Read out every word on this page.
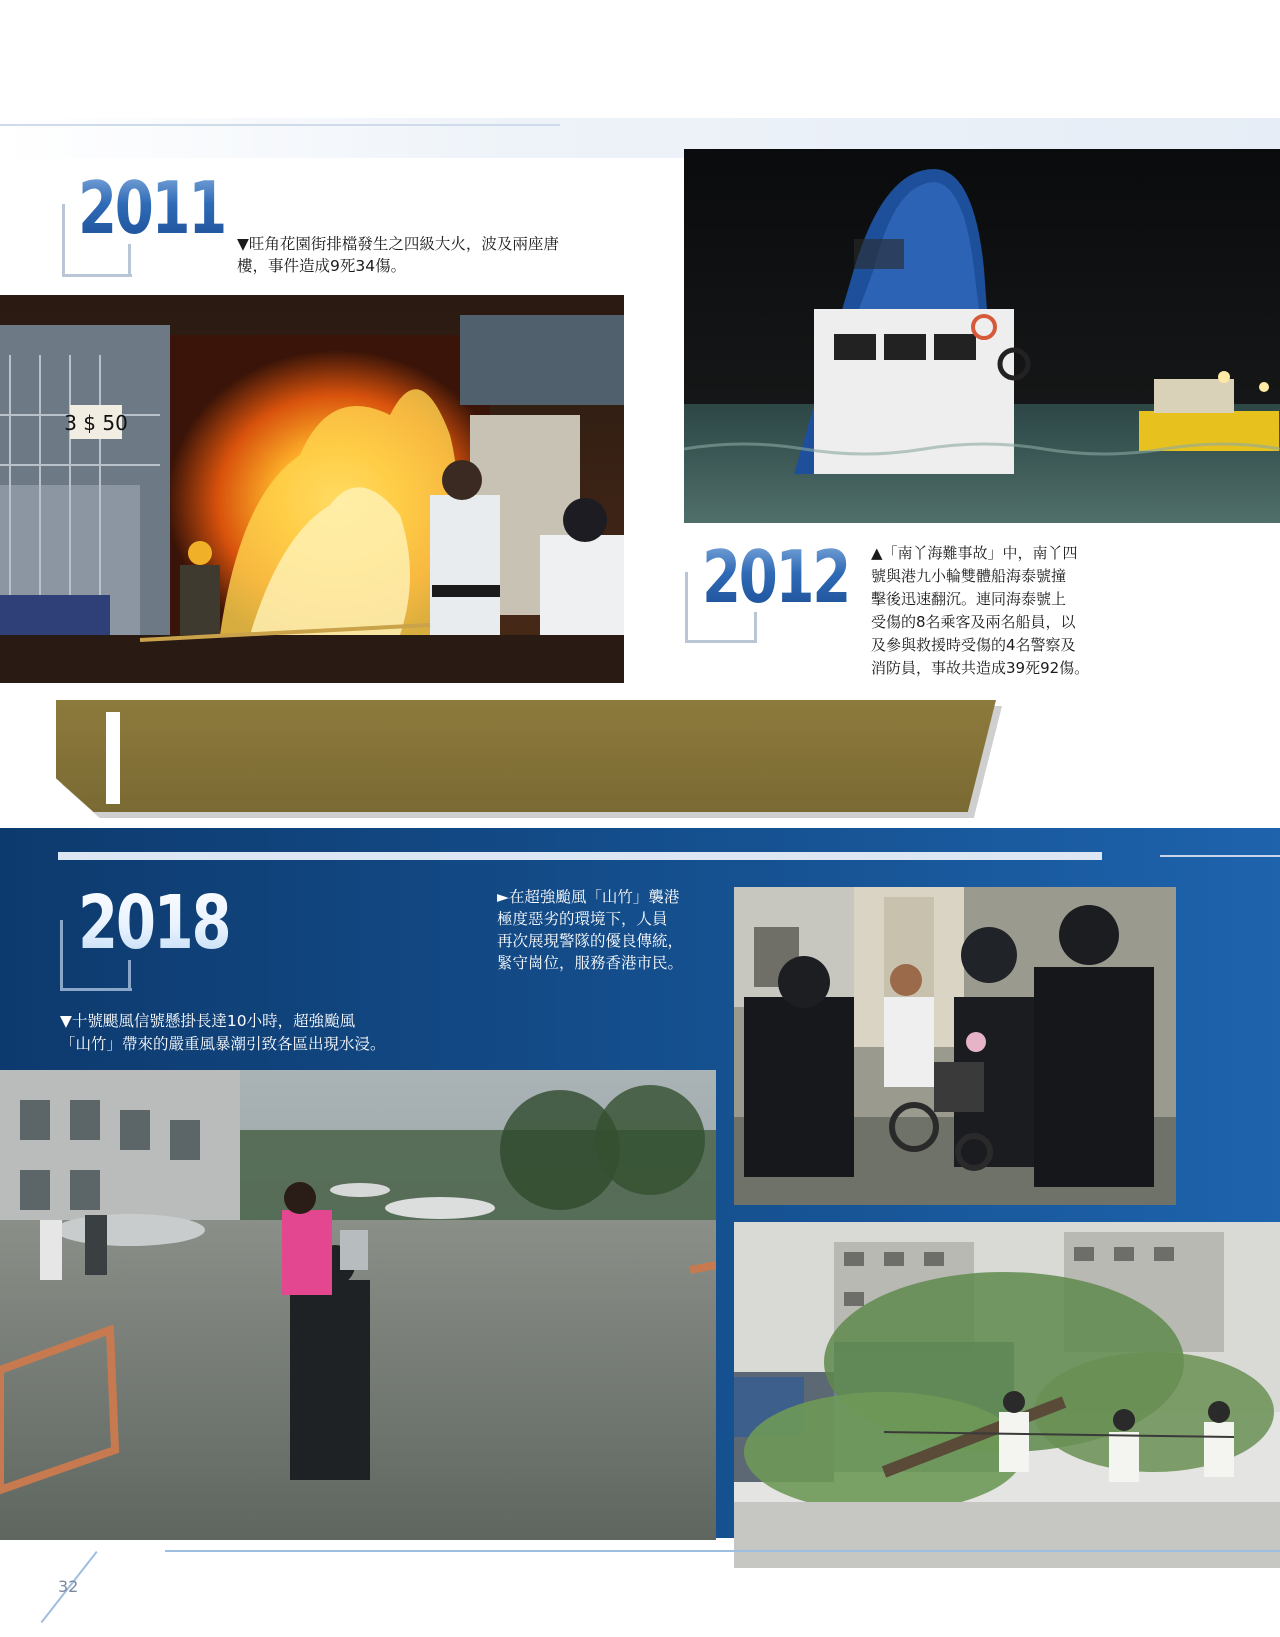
2011 ▼旺角花園街排檔發生之四級大火，波及兩座唐
樓，事件造成9死34傷。
3 $ 50
2012 ▲「南丫海難事故」中，南丫四
號與港九小輪雙體船海泰號撞
擊後迅速翻沉。連同海泰號上
受傷的8名乘客及兩名船員，以
及參與救援時受傷的4名警察及
消防員，事故共造成39死92傷。
2018	►在超強颱風「山竹」襲港
極度惡劣的環境下，人員
再次展現警隊的優良傳統，
緊守崗位，服務香港市民。
▼十號颶風信號懸掛長達10小時，超強颱風
「山竹」帶來的嚴重風暴潮引致各區出現水浸。
32
